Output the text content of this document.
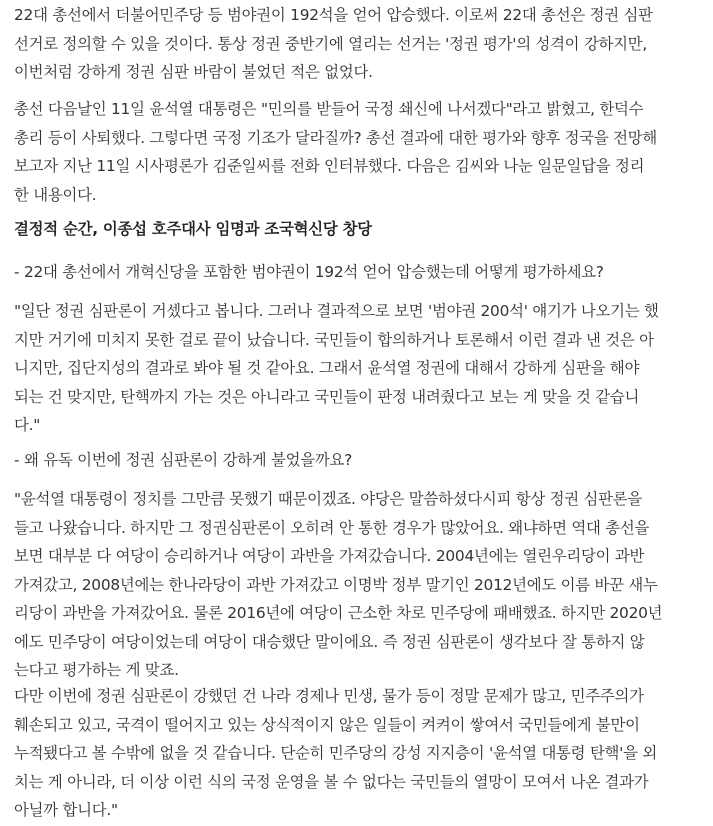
22대 총선에서 더불어민주당 등 범야권이 192석을 얻어 압승했다. 이로써 22대 총선은 정권 심판
선거로 정의할 수 있을 것이다. 통상 정권 중반기에 열리는 선거는 '정권 평가'의 성격이 강하지만,
이번처럼 강하게 정권 심판 바람이 불었던 적은 없었다.

총선 다음날인 11일 윤석열 대통령은 "민의를 받들어 국정 쇄신에 나서겠다"라고 밝혔고, 한덕수
총리 등이 사퇴했다. 그렇다면 국정 기조가 달라질까? 총선 결과에 대한 평가와 향후 정국을 전망해
보고자 지난 11일 시사평론가 김준일씨를 전화 인터뷰했다. 다음은 김씨와 나눈 일문일답을 정리
한 내용이다.

결정적 순간, 이종섭 호주대사 임명과 조국혁신당 창당

- 22대 총선에서 개혁신당을 포함한 범야권이 192석 얻어 압승했는데 어떻게 평가하세요?

"일단 정권 심판론이 거셌다고 봅니다. 그러나 결과적으로 보면 '범야권 200석' 얘기가 나오기는 했
지만 거기에 미치지 못한 걸로 끝이 났습니다. 국민들이 합의하거나 토론해서 이런 결과 낸 것은 아
니지만, 집단지성의 결과로 봐야 될 것 같아요. 그래서 윤석열 정권에 대해서 강하게 심판을 해야
되는 건 맞지만, 탄핵까지 가는 것은 아니라고 국민들이 판정 내려줬다고 보는 게 맞을 것 같습니
다."

- 왜 유독 이번에 정권 심판론이 강하게 불었을까요?

"윤석열 대통령이 정치를 그만큼 못했기 때문이겠죠. 야당은 말씀하셨다시피 항상 정권 심판론을
들고 나왔습니다. 하지만 그 정권심판론이 오히려 안 통한 경우가 많았어요. 왜냐하면 역대 총선을
보면 대부분 다 여당이 승리하거나 여당이 과반을 가져갔습니다. 2004년에는 열린우리당이 과반
가져갔고, 2008년에는 한나라당이 과반 가져갔고 이명박 정부 말기인 2012년에도 이름 바꾼 새누
리당이 과반을 가져갔어요. 물론 2016년에 여당이 근소한 차로 민주당에 패배했죠. 하지만 2020년
에도 민주당이 여당이었는데 여당이 대승했단 말이에요. 즉 정권 심판론이 생각보다 잘 통하지 않
는다고 평가하는 게 맞죠.

다만 이번에 정권 심판론이 강했던 건 나라 경제나 민생, 물가 등이 정말 문제가 많고, 민주주의가
훼손되고 있고, 국격이 떨어지고 있는 상식적이지 않은 일들이 켜켜이 쌓여서 국민들에게 불만이
누적됐다고 볼 수밖에 없을 것 같습니다. 단순히 민주당의 강성 지지층이 '윤석열 대통령 탄핵'을 외
치는 게 아니라, 더 이상 이런 식의 국정 운영을 볼 수 없다는 국민들의 열망이 모여서 나온 결과가
아닐까 합니다."
